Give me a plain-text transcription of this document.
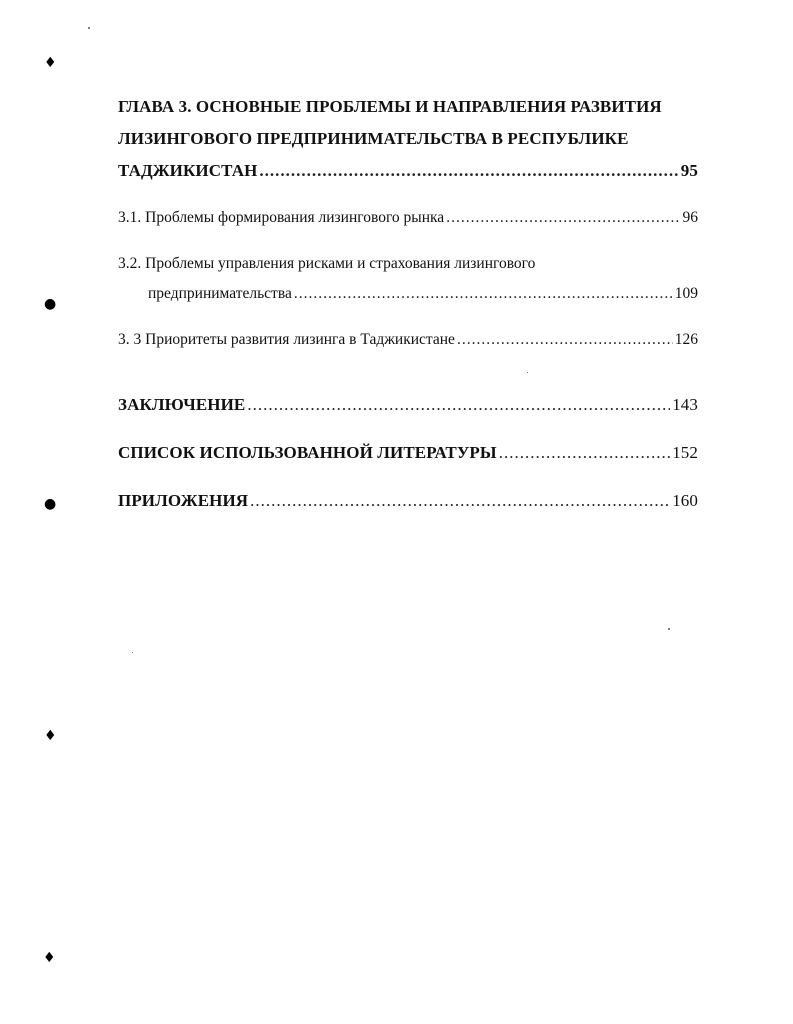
♦
●
●
♦
♦
ГЛАВА 3. ОСНОВНЫЕ ПРОБЛЕМЫ И НАПРАВЛЕНИЯ РАЗВИТИЯ
ЛИЗИНГОВОГО ПРЕДПРИНИМАТЕЛЬСТВА В РЕСПУБЛИКЕ
ТАДЖИКИСТАН .....	95
3.1. Проблемы формирования лизингового рынка .....	96
3.2. Проблемы управления рисками и страхования лизингового
предпринимательства .....	109
3. 3 Приоритеты развития лизинга в Таджикистане .....	126
ЗАКЛЮЧЕНИЕ .....	143
СПИСОК ИСПОЛЬЗОВАННОЙ ЛИТЕРАТУРЫ .....	152
ПРИЛОЖЕНИЯ .....	160
